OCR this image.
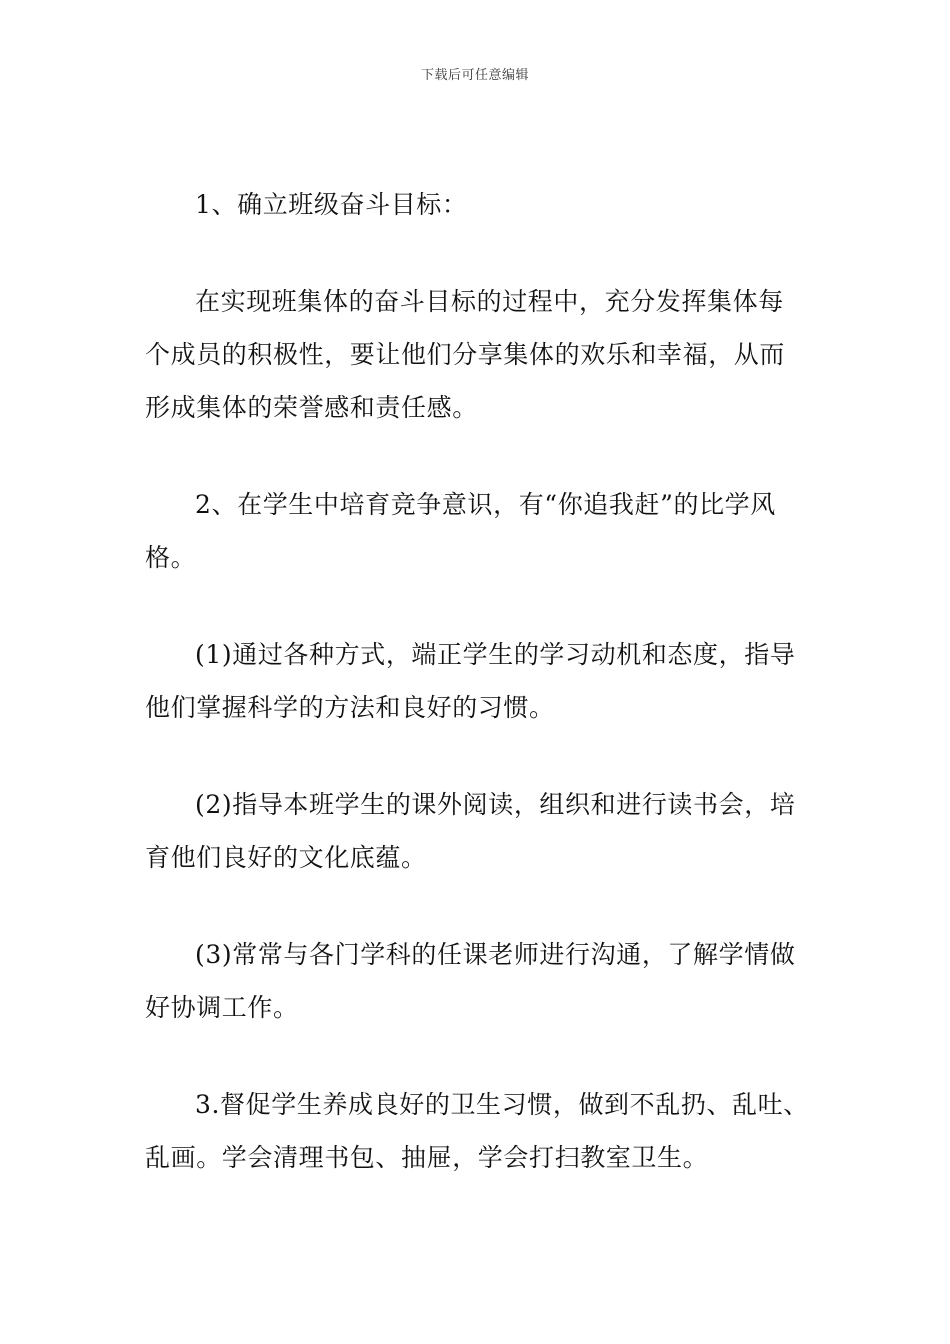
下载后可任意编辑

1、确立班级奋斗目标：

在实现班集体的奋斗目标的过程中，充分发挥集体每
个成员的积极性，要让他们分享集体的欢乐和幸福，从而
形成集体的荣誉感和责任感。

2、在学生中培育竞争意识，有“你追我赶”的比学风
格。

(1)通过各种方式，端正学生的学习动机和态度，指导
他们掌握科学的方法和良好的习惯。

(2)指导本班学生的课外阅读，组织和进行读书会，培
育他们良好的文化底蕴。

(3)常常与各门学科的任课老师进行沟通，了解学情做
好协调工作。

3.督促学生养成良好的卫生习惯，做到不乱扔、乱吐、
乱画。学会清理书包、抽屉，学会打扫教室卫生。
